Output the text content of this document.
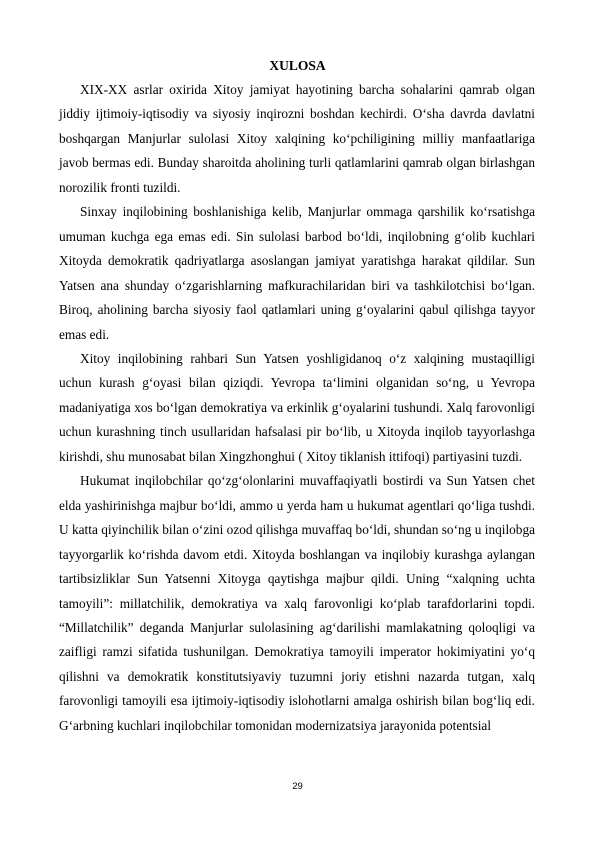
XULOSA

XIX-XX asrlar oxirida Xitoy jamiyat hayotining barcha sohalarini qamrab olgan jiddiy ijtimoiy-iqtisodiy va siyosiy inqirozni boshdan kechirdi. O‘sha davrda davlatni boshqargan Manjurlar sulolasi Xitoy xalqining ko‘pchiligining milliy manfaatlariga javob bermas edi. Bunday sharoitda aholining turli qatlamlarini qamrab olgan birlashgan norozilik fronti tuzildi.

Sinxay inqilobining boshlanishiga kelib, Manjurlar ommaga qarshilik ko‘rsatishga umuman kuchga ega emas edi. Sin sulolasi barbod bo‘ldi, inqilobning g‘olib kuchlari Xitoyda demokratik qadriyatlarga asoslangan jamiyat yaratishga harakat qildilar. Sun Yatsen ana shunday o‘zgarishlarning mafkurachilaridan biri va tashkilotchisi bo‘lgan. Biroq, aholining barcha siyosiy faol qatlamlari uning g‘oyalarini qabul qilishga tayyor emas edi.

Xitoy inqilobining rahbari Sun Yatsen yoshligidanoq o‘z xalqining mustaqilligi uchun kurash g‘oyasi bilan qiziqdi. Yevropa ta‘limini olganidan so‘ng, u Yevropa madaniyatiga xos bo‘lgan demokratiya va erkinlik g‘oyalarini tushundi. Xalq farovonligi uchun kurashning tinch usullaridan hafsalasi pir bo‘lib, u Xitoyda inqilob tayyorlashga kirishdi, shu munosabat bilan Xingzhonghui ( Xitoy tiklanish ittifoqi) partiyasini tuzdi.

Hukumat inqilobchilar qo‘zg‘olonlarini muvaffaqiyatli bostirdi va Sun Yatsen chet elda yashirinishga majbur bo‘ldi, ammo u yerda ham u hukumat agentlari qo‘liga tushdi. U katta qiyinchilik bilan o‘zini ozod qilishga muvaffaq bo‘ldi, shundan so‘ng u inqilobga tayyorgarlik ko‘rishda davom etdi. Xitoyda boshlangan va inqilobiy kurashga aylangan tartibsizliklar Sun Yatsenni Xitoyga qaytishga majbur qildi. Uning “xalqning uchta tamoyili”: millatchilik, demokratiya va xalq farovonligi ko‘plab tarafdorlarini topdi. “Millatchilik” deganda Manjurlar sulolasining ag‘darilishi mamlakatning qoloqligi va zaifligi ramzi sifatida tushunilgan. Demokratiya tamoyili imperator hokimiyatini yo‘q qilishni va demokratik konstitutsiyaviy tuzumni joriy etishni nazarda tutgan, xalq farovonligi tamoyili esa ijtimoiy-iqtisodiy islohotlarni amalga oshirish bilan bog‘liq edi. G‘arbning kuchlari inqilobchilar tomonidan modernizatsiya jarayonida potentsial

29
